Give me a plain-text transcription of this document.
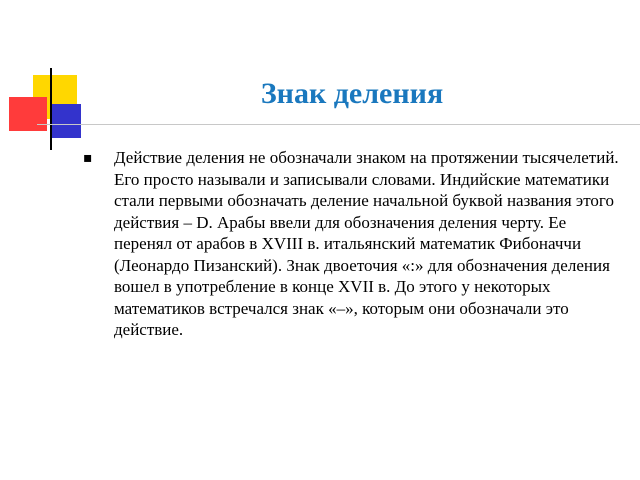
Знак деления
▪ Действие деления не обозначали знаком на протяжении тысячелетий. Его просто называли и записывали словами. Индийские математики стали первыми обозначать деление начальной буквой названия этого действия – D. Арабы ввели для обозначения деления черту. Ее перенял от арабов в XVIII в. итальянский математик Фибоначчи (Леонардо Пизанский). Знак двоеточия «:» для обозначения деления вошел в употребление в конце XVII в. До этого у некоторых математиков встречался знак «–», которым они обозначали это действие.
